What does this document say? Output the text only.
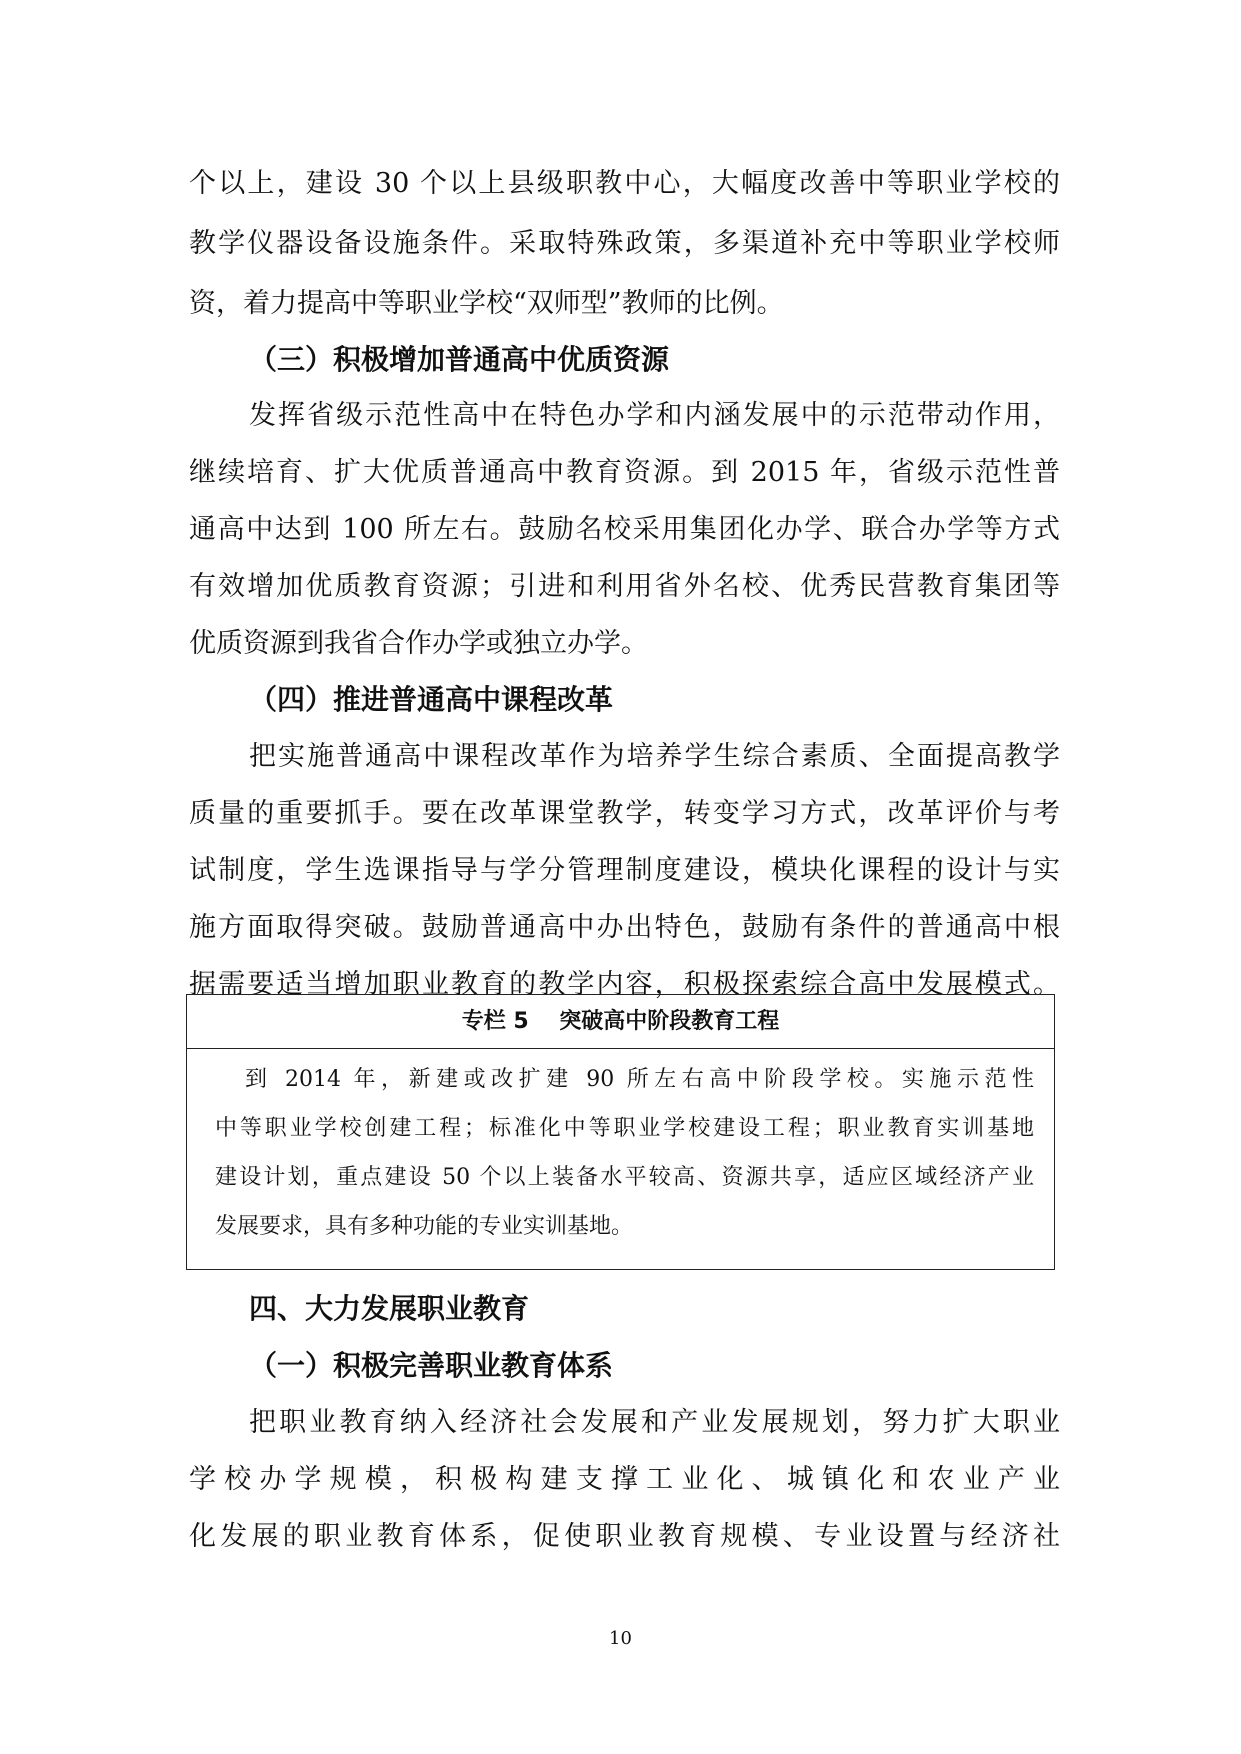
个以上，建设 30 个以上县级职教中心，大幅度改善中等职业学校的
教学仪器设备设施条件。采取特殊政策，多渠道补充中等职业学校师
资，着力提高中等职业学校“双师型”教师的比例。
（三）积极增加普通高中优质资源
发挥省级示范性高中在特色办学和内涵发展中的示范带动作用，
继续培育、扩大优质普通高中教育资源。到 2015 年，省级示范性普
通高中达到 100 所左右。鼓励名校采用集团化办学、联合办学等方式
有效增加优质教育资源；引进和利用省外名校、优秀民营教育集团等
优质资源到我省合作办学或独立办学。
（四）推进普通高中课程改革
把实施普通高中课程改革作为培养学生综合素质、全面提高教学
质量的重要抓手。要在改革课堂教学，转变学习方式，改革评价与考
试制度，学生选课指导与学分管理制度建设，模块化课程的设计与实
施方面取得突破。鼓励普通高中办出特色，鼓励有条件的普通高中根
据需要适当增加职业教育的教学内容，积极探索综合高中发展模式。
专栏 5    突破高中阶段教育工程
到 2014 年，新建或改扩建 90 所左右高中阶段学校。实施示范性
中等职业学校创建工程；标准化中等职业学校建设工程；职业教育实训基地
建设计划，重点建设 50 个以上装备水平较高、资源共享，适应区域经济产业
发展要求，具有多种功能的专业实训基地。
四、大力发展职业教育
（一）积极完善职业教育体系
把职业教育纳入经济社会发展和产业发展规划，努力扩大职业
学校办学规模，积极构建支撑工业化、城镇化和农业产业
化发展的职业教育体系，促使职业教育规模、专业设置与经济社
10
